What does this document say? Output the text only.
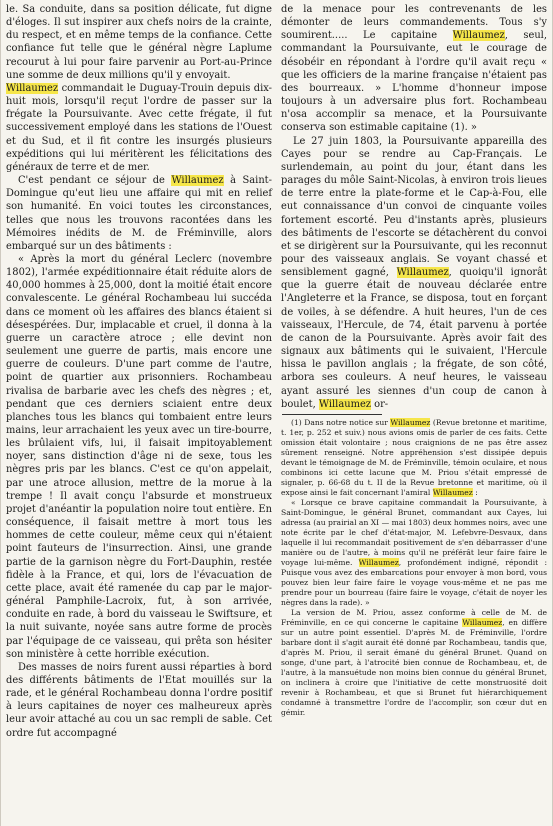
le. Sa conduite, dans sa position délicate, fut digne d'éloges. Il sut inspirer aux chefs noirs de la crainte, du respect, et en même temps de la confiance. Cette confiance fut telle que le général nègre Laplume recourut à lui pour faire parvenir au Port-au-Prince une somme de deux millions qu'il y envoyait.

Willaumez commandait le Duguay-Trouin depuis dix-huit mois, lorsqu'il reçut l'ordre de passer sur la frégate la Poursuivante. Avec cette frégate, il fut successivement employé dans les stations de l'Ouest et du Sud, et il fit contre les insurgés plusieurs expéditions qui lui méritèrent les félicitations des généraux de terre et de mer.

C'est pendant ce séjour de Willaumez à Saint-Domingue qu'eut lieu une affaire qui mit en relief son humanité. En voici toutes les circonstances, telles que nous les trouvons racontées dans les Mémoires inédits de M. de Fréminville, alors embarqué sur un des bâtiments :

« Après la mort du général Leclerc (novembre 1802), l'armée expéditionnaire était réduite alors de 40,000 hommes à 25,000, dont la moitié était encore convalescente. Le général Rochambeau lui succéda dans ce moment où les affaires des blancs étaient si désespérées. Dur, implacable et cruel, il donna à la guerre un caractère atroce ; elle devint non seulement une guerre de partis, mais encore une guerre de couleurs. D'une part comme de l'autre, point de quartier aux prisonniers. Rochambeau rivalisa de barbarie avec les chefs des nègres ; et, pendant que ces derniers sciaient entre deux planches tous les blancs qui tombaient entre leurs mains, leur arrachaient les yeux avec un tire-bourre, les brûlaient vifs, lui, il faisait impitoyablement noyer, sans distinction d'âge ni de sexe, tous les nègres pris par les blancs. C'est ce qu'on appelait, par une atroce allusion, mettre de la morue à la trempe ! Il avait conçu l'absurde et monstrueux projet d'anéantir la population noire tout entière. En conséquence, il faisait mettre à mort tous les hommes de cette couleur, même ceux qui n'étaient point fauteurs de l'insurrection. Ainsi, une grande partie de la garnison nègre du Fort-Dauphin, restée fidèle à la France, et qui, lors de l'évacuation de cette place, avait été ramenée du cap par le major-général Pamphile-Lacroix, fut, à son arrivée, conduite en rade, à bord du vaisseau le Swiftsure, et la nuit suivante, noyée sans autre forme de procès par l'équipage de ce vaisseau, qui prêta son hésiter son ministère à cette horrible exécution.

Des masses de noirs furent aussi réparties à bord des différents bâtiments de l'Etat mouillés sur la rade, et le général Rochambeau donna l'ordre positif à leurs capitaines de noyer ces malheureux après leur avoir attaché au cou un sac rempli de sable. Cet ordre fut accompagné

de la menace pour les contrevenants de les démonter de leurs commandements. Tous s'y soumirent..... Le capitaine Willaumez, seul, commandant la Poursuivante, eut le courage de désobéir en répondant à l'ordre qu'il avait reçu « que les officiers de la marine française n'étaient pas des bourreaux. » L'homme d'honneur impose toujours à un adversaire plus fort. Rochambeau n'osa accomplir sa menace, et la Poursuivante conserva son estimable capitaine (1). »

Le 27 juin 1803, la Poursuivante appareilla des Cayes pour se rendre au Cap-Français. Le surlendemain, au point du jour, étant dans les parages du môle Saint-Nicolas, à environ trois lieues de terre entre la plate-forme et le Cap-à-Fou, elle eut connaissance d'un convoi de cinquante voiles fortement escorté. Peu d'instants après, plusieurs des bâtiments de l'escorte se détachèrent du convoi et se dirigèrent sur la Poursuivante, qui les reconnut pour des vaisseaux anglais. Se voyant chassé et sensiblement gagné, Willaumez, quoiqu'il ignorât que la guerre était de nouveau déclarée entre l'Angleterre et la France, se disposa, tout en forçant de voiles, à se défendre. A huit heures, l'un de ces vaisseaux, l'Hercule, de 74, était parvenu à portée de canon de la Poursuivante. Après avoir fait des signaux aux bâtiments qui le suivaient, l'Hercule hissa le pavillon anglais ; la frégate, de son côté, arbora ses couleurs. A neuf heures, le vaisseau ayant assuré les siennes d'un coup de canon à boulet, Willaumez or-

(1) Dans notre notice sur Willaumez (Revue bretonne et maritime, t. 1er, p. 252 et suiv.) nous avions omis de parler de ces faits. Cette omission était volontaire ; nous craignions de ne pas être assez sûrement renseigné. Notre appréhension s'est dissipée depuis devant le témoignage de M. de Fréminville, témoin oculaire, et nous combinons ici cette lacune que M. Priou s'était empressé de signaler, p. 66-68 du t. II de la Revue bretonne et maritime, où il expose ainsi le fait concernant l'amiral Willaumez :

« Lorsque ce brave capitaine commandait la Poursuivante, à Saint-Domingue, le général Brunet, commandant aux Cayes, lui adressa (au prairial an XI — mai 1803) deux hommes noirs, avec une note écrite par le chef d'état-major, M. Lefebvre-Desvaux, dans laquelle il lui recommandait positivement de s'en débarrasser d'une manière ou de l'autre, à moins qu'il ne préférât leur faire faire le voyage lui-même. Willaumez, profondément indigné, répondit : Puisque vous avez des embarcations pour envoyer à mon bord, vous pouvez bien leur faire faire le voyage vous-même et ne pas me prendre pour un bourreau (faire faire le voyage, c'était de noyer les nègres dans la rade). »

La version de M. Priou, assez conforme à celle de M. de Fréminville, en ce qui concerne le capitaine Willaumez, en diffère sur un autre point essentiel. D'après M. de Fréminville, l'ordre barbare dont il s'agit aurait été donné par Rochambeau, tandis que, d'après M. Priou, il serait émané du général Brunet. Quand on songe, d'une part, à l'atrocité bien connue de Rochambeau, et, de l'autre, à la mansuétude non moins bien connue du général Brunet, on inclinera à croire que l'initiative de cette monstruosité doit revenir à Rochambeau, et que si Brunet fut hiérarchiquement condamné à transmettre l'ordre de l'accomplir, son cœur dut en gémir.
